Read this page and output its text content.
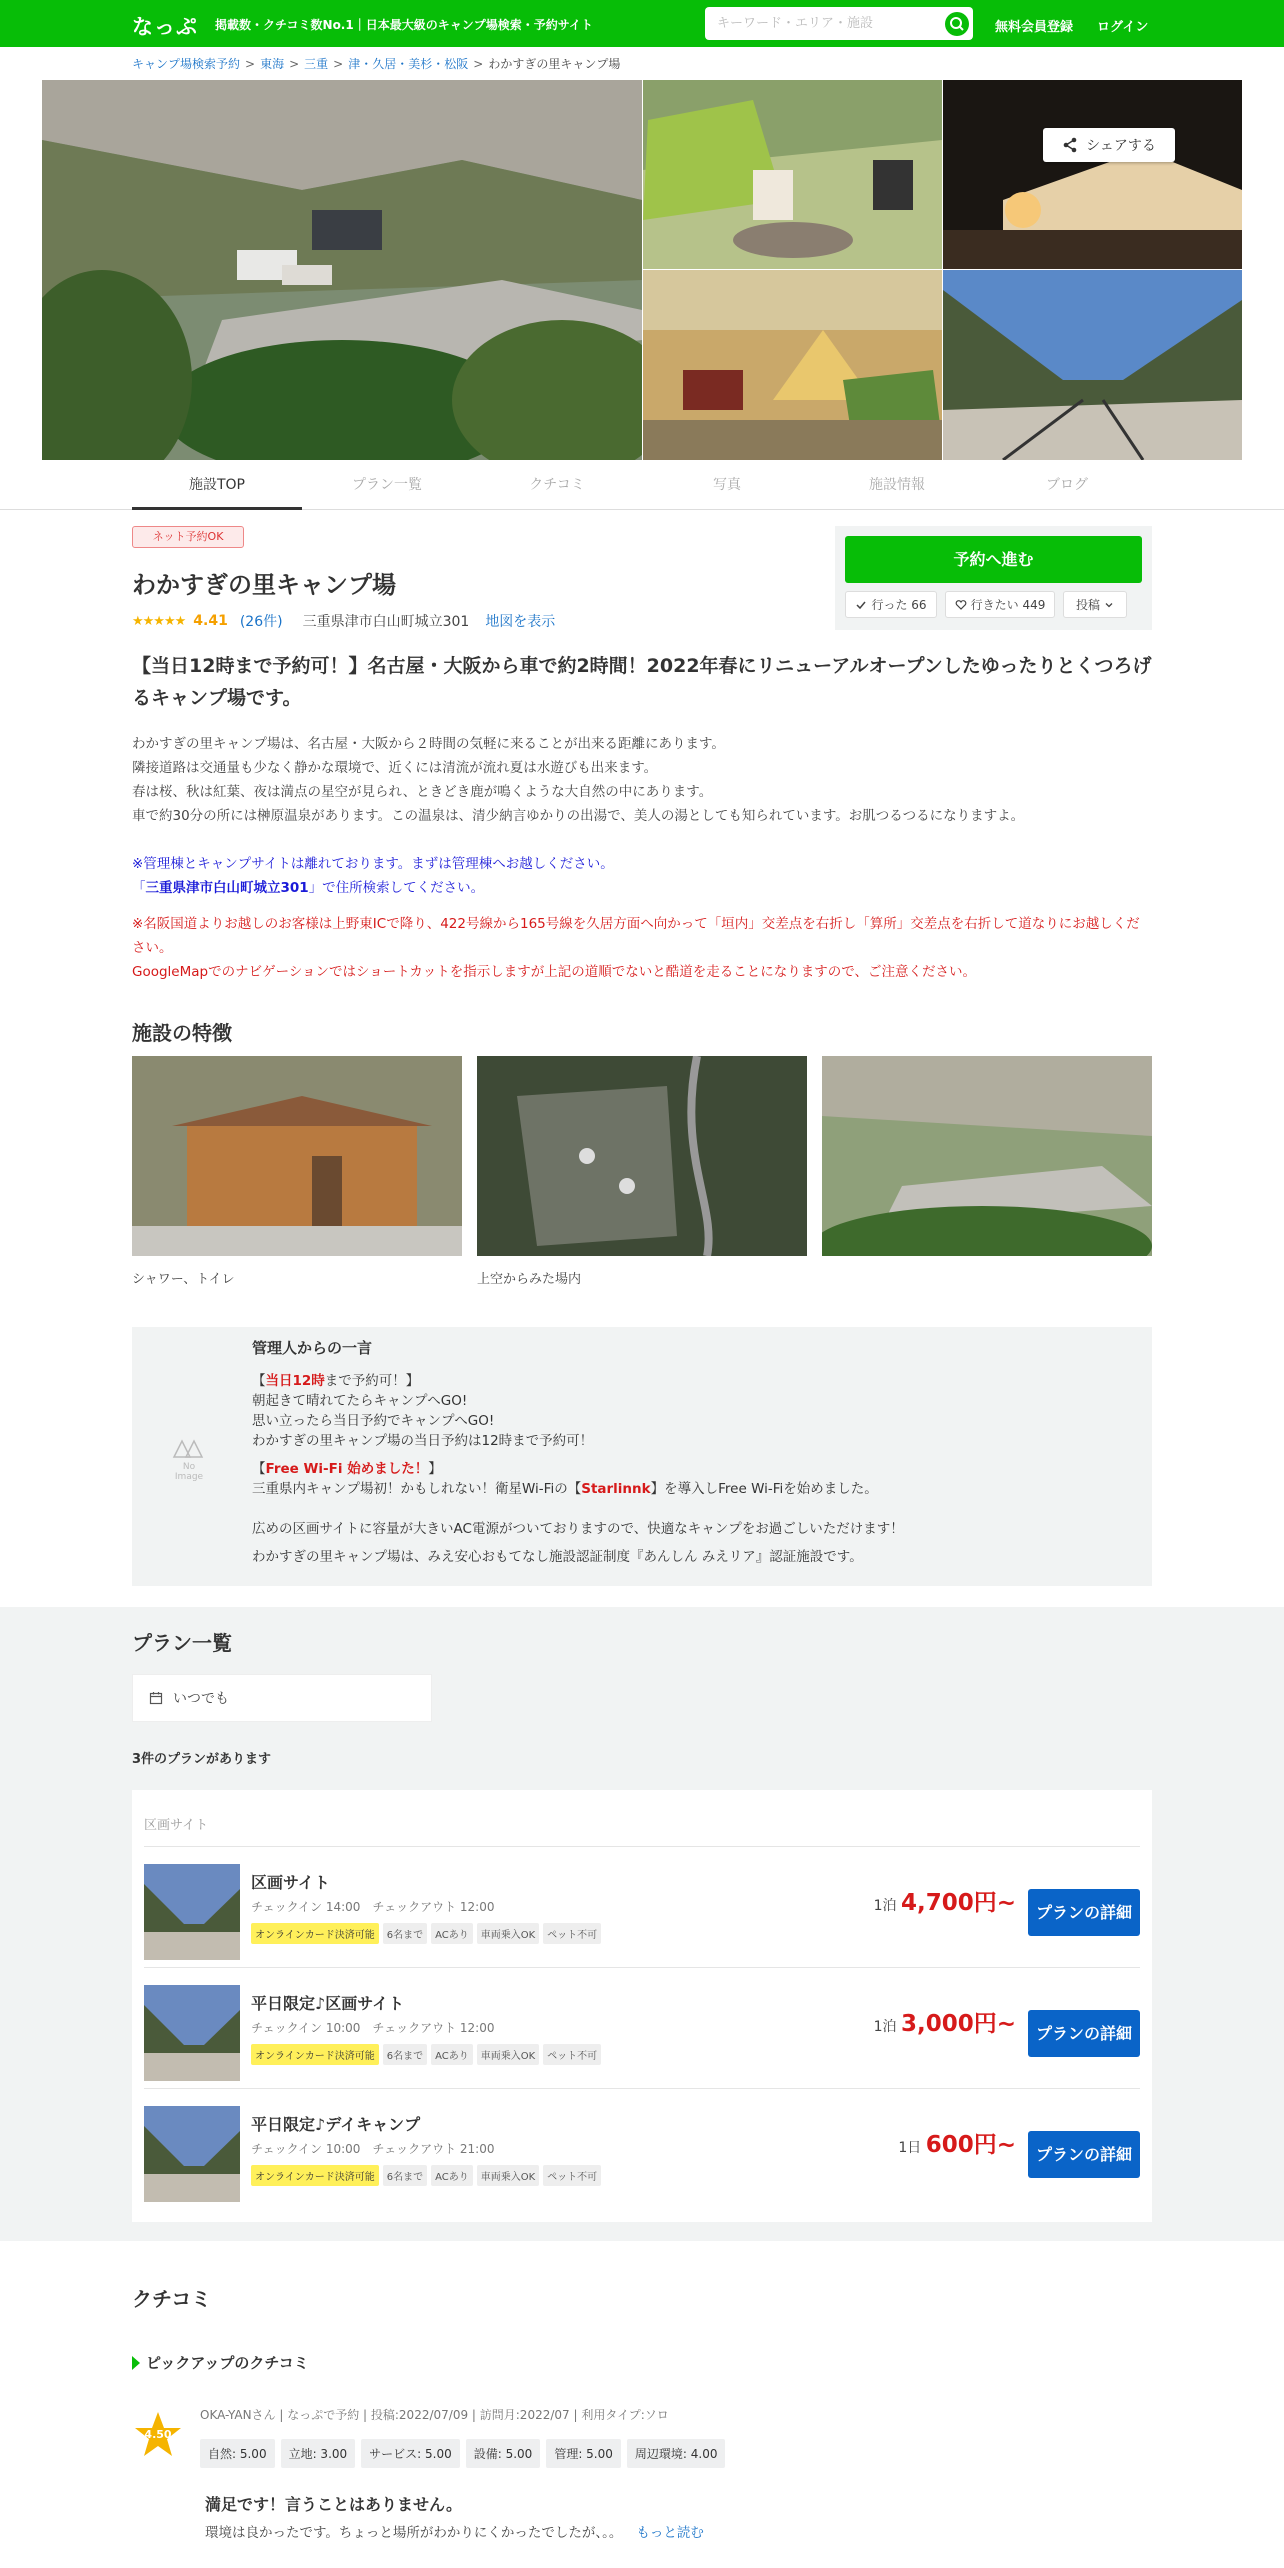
なっぷ 掲載数・クチコミ数No.1｜日本最大級のキャンプ場検索・予約サイト
キーワード・エリア・施設	無料会員登録 ログイン
キャンプ場検索予約 > 東海 > 三重 > 津・久居・美杉・松阪 > わかすぎの里キャンプ場
シェアする
施設TOP	プラン一覧	クチコミ	写真	施設情報	ブログ
ネット予約OK
わかすぎの里キャンプ場
★★★★★ 4.41 (26件) 三重県津市白山町城立301 地図を表示
予約へ進む
行った 66	行きたい 449	投稿
【当日12時まで予約可！】名古屋・大阪から車で約2時間！2022年春にリニューアルオープンしたゆったりとくつろげるキャンプ場です。
わかすぎの里キャンプ場は、名古屋・大阪から２時間の気軽に来ることが出来る距離にあります。
隣接道路は交通量も少なく静かな環境で、近くには清流が流れ夏は水遊びも出来ます。
春は桜、秋は紅葉、夜は満点の星空が見られ、ときどき鹿が鳴くような大自然の中にあります。
車で約30分の所には榊原温泉があります。この温泉は、清少納言ゆかりの出湯で、美人の湯としても知られています。お肌つるつるになりますよ。
※管理棟とキャンプサイトは離れております。まずは管理棟へお越しください。
「三重県津市白山町城立301」で住所検索してください。
※名阪国道よりお越しのお客様は上野東ICで降り、422号線から165号線を久居方面へ向かって「垣内」交差点を右折し「算所」交差点を右折して道なりにお越しください。
GoogleMapでのナビゲーションではショートカットを指示しますが上記の道順でないと酷道を走ることになりますので、ご注意ください。
施設の特徴
シャワー、トイレ	上空からみた場内
No Image
管理人からの一言
【当日12時まで予約可！】
朝起きて晴れてたらキャンプへGO!
思い立ったら当日予約でキャンプへGO!
わかすぎの里キャンプ場の当日予約は12時まで予約可！
【Free Wi-Fi 始めました！】
三重県内キャンプ場初！かもしれない！衛星Wi-Fiの【Starlinnk】を導入しFree Wi-Fiを始めました。
広めの区画サイトに容量が大きいAC電源がついておりますので、快適なキャンプをお過ごしいただけます！
わかすぎの里キャンプ場は、みえ安心おもてなし施設認証制度『あんしん みえリア』認証施設です。
プラン一覧
いつでも
3件のプランがあります
区画サイト
区画サイト
チェックイン 14:00　チェックアウト 12:00
オンラインカード決済可能	6名まで	ACあり	車両乗入OK	ペット不可
1泊 4,700円~	プランの詳細
平日限定♪区画サイト
チェックイン 10:00　チェックアウト 12:00
オンラインカード決済可能	6名まで	ACあり	車両乗入OK	ペット不可
1泊 3,000円~	プランの詳細
平日限定♪デイキャンプ
チェックイン 10:00　チェックアウト 21:00
オンラインカード決済可能	6名まで	ACあり	車両乗入OK	ペット不可
1日 600円~	プランの詳細
クチコミ
ピックアップのクチコミ
4.50
OKA-YANさん | なっぷで予約 | 投稿:2022/07/09 | 訪問月:2022/07 | 利用タイプ:ソロ
自然: 5.00	立地: 3.00	サービス: 5.00	設備: 5.00	管理: 5.00	周辺環境: 4.00
満足です！言うことはありません。
環境は良かったです。ちょっと場所がわかりにくかったでしたが、。。 もっと読む
